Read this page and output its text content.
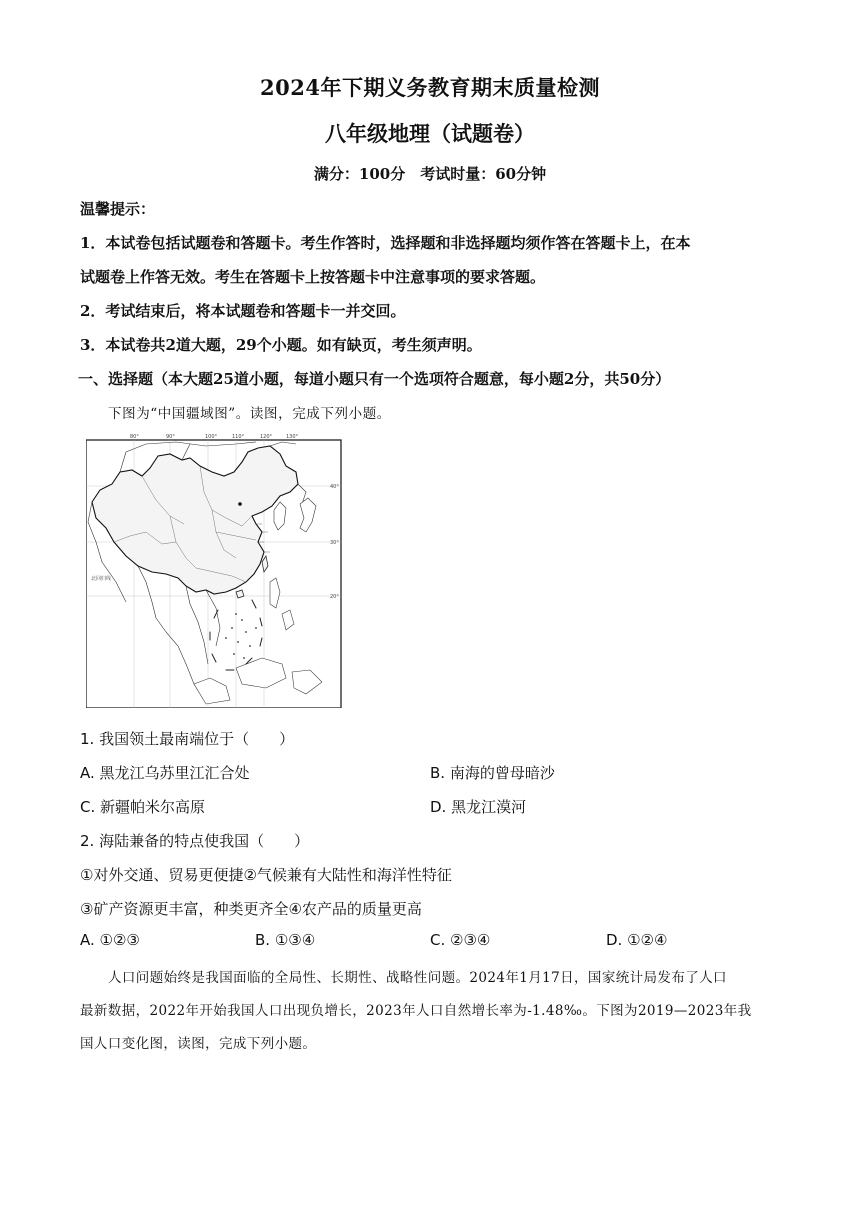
2024年下期义务教育期末质量检测
八年级地理（试题卷）
满分：100分　考试时量：60分钟
温馨提示：
1．本试卷包括试题卷和答题卡。考生作答时，选择题和非选择题均须作答在答题卡上，在本
试题卷上作答无效。考生在答题卡上按答题卡中注意事项的要求答题。
2．考试结束后，将本试题卷和答题卡一并交回。
3．本试卷共2道大题，29个小题。如有缺页，考生须声明。
一、选择题（本大题25道小题，每道小题只有一个选项符合题意，每小题2分，共50分）
下图为“中国疆域图”。读图，完成下列小题。
80°	90°	100°	110°	120°	130°
40°
30°
20°
北回归线
1. 我国领土最南端位于（　　）
A. 黑龙江乌苏里江汇合处	B. 南海的曾母暗沙
C. 新疆帕米尔高原	D. 黑龙江漠河
2. 海陆兼备的特点使我国（　　）
①对外交通、贸易更便捷②气候兼有大陆性和海洋性特征
③矿产资源更丰富，种类更齐全④农产品的质量更高
A. ①②③	B. ①③④	C. ②③④	D. ①②④
人口问题始终是我国面临的全局性、长期性、战略性问题。2024年1月17日，国家统计局发布了人口
最新数据，2022年开始我国人口出现负增长，2023年人口自然增长率为-1.48‰。下图为2019—2023年我
国人口变化图，读图，完成下列小题。
